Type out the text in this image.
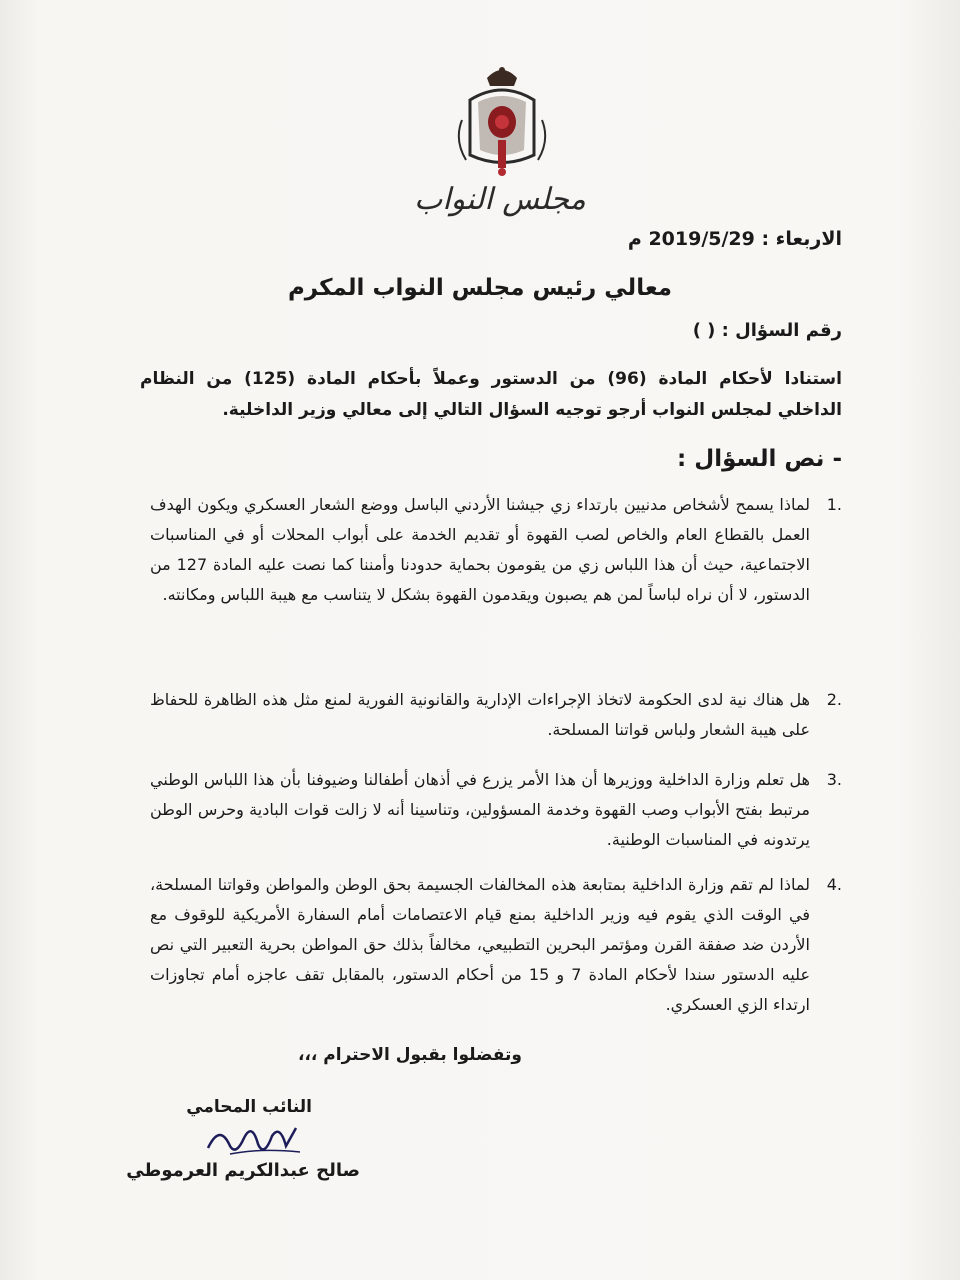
مجلس النواب
الاربعاء : 2019/5/29 م
معالي رئيس مجلس النواب المكرم
رقم السؤال : ( )
استنادا لأحكام المادة (96) من الدستور وعملاً بأحكام المادة (125) من النظام الداخلي لمجلس النواب أرجو توجيه السؤال التالي إلى معالي وزير الداخلية.
- نص السؤال :
1.
لماذا يسمح لأشخاص مدنيين بارتداء زي جيشنا الأردني الباسل ووضع الشعار العسكري ويكون الهدف العمل بالقطاع العام والخاص لصب القهوة أو تقديم الخدمة على أبواب المحلات أو في المناسبات الاجتماعية، حيث أن هذا اللباس زي من يقومون بحماية حدودنا وأمننا كما نصت عليه المادة 127 من الدستور، لا أن نراه لباساً لمن هم يصبون ويقدمون القهوة بشكل لا يتناسب مع هيبة اللباس ومكانته.
2.
هل هناك نية لدى الحكومة لاتخاذ الإجراءات الإدارية والقانونية الفورية لمنع مثل هذه الظاهرة للحفاظ على هيبة الشعار ولباس قواتنا المسلحة.
3.
هل تعلم وزارة الداخلية ووزيرها أن هذا الأمر يزرع في أذهان أطفالنا وضيوفنا بأن هذا اللباس الوطني مرتبط بفتح الأبواب وصب القهوة وخدمة المسؤولين، وتناسينا أنه لا زالت قوات البادية وحرس الوطن يرتدونه في المناسبات الوطنية.
4.
لماذا لم تقم وزارة الداخلية بمتابعة هذه المخالفات الجسيمة بحق الوطن والمواطن وقواتنا المسلحة، في الوقت الذي يقوم فيه وزير الداخلية بمنع قيام الاعتصامات أمام السفارة الأمريكية للوقوف مع الأردن ضد صفقة القرن ومؤتمر البحرين التطبيعي، مخالفاً بذلك حق المواطن بحرية التعبير التي نص عليه الدستور سندا لأحكام المادة 7 و 15 من أحكام الدستور، بالمقابل تقف عاجزه أمام تجاوزات ارتداء الزي العسكري.
وتفضلوا بقبول الاحترام ،،،
النائب المحامي
صالح عبدالكريم العرموطي
